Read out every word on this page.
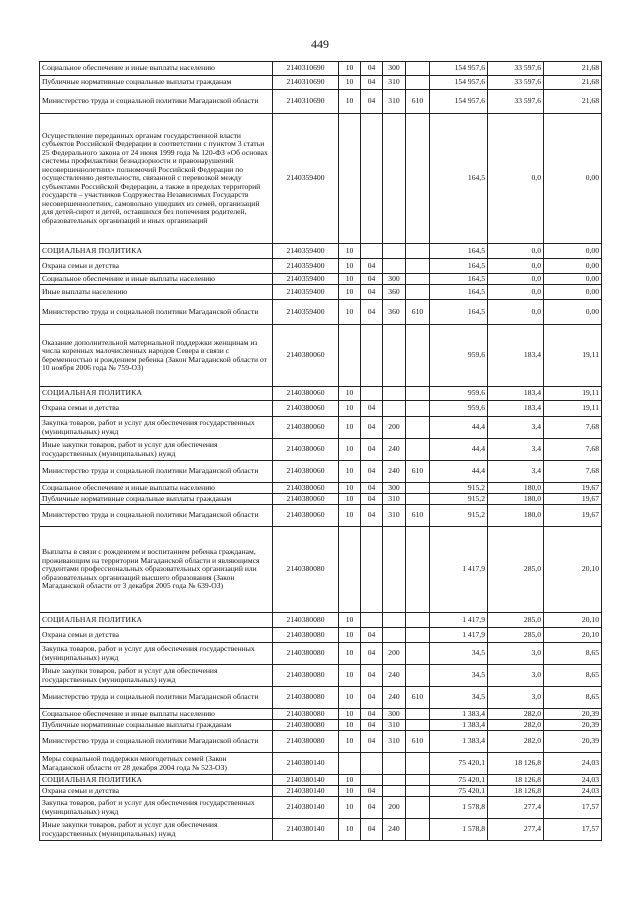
449
Социальное обеспечение и иные выплаты населению	2140310690	10	04	300		154 957,6	33 597,6	21,68
Публичные нормативные социальные выплаты гражданам	2140310690	10	04	310		154 957,6	33 597,6	21,68
Министерство труда и социальной политики Магаданской области	2140310690	10	04	310	610	154 957,6	33 597,6	21,68
Осуществление переданных органам государственной власти субъектов Российской Федерации в соответствии с пунктом 3 статьи 25 Федерального закона от 24 июня 1999 года № 120-ФЗ «Об основах системы профилактики безнадзорности и правонарушений несовершеннолетних» полномочий Российской Федерации по осуществлению деятельности, связанной с перевозкой между субъектами Российской Федерации, а также в пределах территорий государств – участников Содружества Независимых Государств несовершеннолетних, самовольно ушедших из семей, организаций для детей-сирот и детей, оставшихся без попечения родителей, образовательных организаций и иных организаций	2140359400					164,5	0,0	0,00
СОЦИАЛЬНАЯ ПОЛИТИКА	2140359400	10				164,5	0,0	0,00
Охрана семьи и детства	2140359400	10	04			164,5	0,0	0,00
Социальное обеспечение и иные выплаты населению	2140359400	10	04	300		164,5	0,0	0,00
Иные выплаты населению	2140359400	10	04	360		164,5	0,0	0,00
Министерство труда и социальной политики Магаданской области	2140359400	10	04	360	610	164,5	0,0	0,00
Оказание дополнительной материальной поддержки женщинам из числа коренных малочисленных народов Севера в связи с беременностью и рождением ребенка (Закон Магаданской области от 10 ноября 2006 года № 759-ОЗ)	2140380060					959,6	183,4	19,11
СОЦИАЛЬНАЯ ПОЛИТИКА	2140380060	10				959,6	183,4	19,11
Охрана семьи и детства	2140380060	10	04			959,6	183,4	19,11
Закупка товаров, работ и услуг для обеспечения государственных (муниципальных) нужд	2140380060	10	04	200		44,4	3,4	7,68
Иные закупки товаров, работ и услуг для обеспечения государственных (муниципальных) нужд	2140380060	10	04	240		44,4	3,4	7,68
Министерство труда и социальной политики Магаданской области	2140380060	10	04	240	610	44,4	3,4	7,68
Социальное обеспечение и иные выплаты населению	2140380060	10	04	300		915,2	180,0	19,67
Публичные нормативные социальные выплаты гражданам	2140380060	10	04	310		915,2	180,0	19,67
Министерство труда и социальной политики Магаданской области	2140380060	10	04	310	610	915,2	180,0	19,67
Выплаты в связи с рождением и воспитанием ребенка гражданам, проживающим на территории Магаданской области и являющимся студентами профессиональных образовательных организаций или образовательных организаций высшего образования (Закон Магаданской области от 3 декабря 2005 года № 639-ОЗ)	2140380080					1 417,9	285,0	20,10
СОЦИАЛЬНАЯ ПОЛИТИКА	2140380080	10				1 417,9	285,0	20,10
Охрана семьи и детства	2140380080	10	04			1 417,9	285,0	20,10
Закупка товаров, работ и услуг для обеспечения государственных (муниципальных) нужд	2140380080	10	04	200		34,5	3,0	8,65
Иные закупки товаров, работ и услуг для обеспечения государственных (муниципальных) нужд	2140380080	10	04	240		34,5	3,0	8,65
Министерство труда и социальной политики Магаданской области	2140380080	10	04	240	610	34,5	3,0	8,65
Социальное обеспечение и иные выплаты населению	2140380080	10	04	300		1 383,4	282,0	20,39
Публичные нормативные социальные выплаты гражданам	2140380080	10	04	310		1 383,4	282,0	20,39
Министерство труда и социальной политики Магаданской области	2140380080	10	04	310	610	1 383,4	282,0	20,39
Меры социальной поддержки многодетных семей (Закон Магаданской области от 28 декабря 2004 года № 523-ОЗ)	2140380140					75 420,1	18 126,8	24,03
СОЦИАЛЬНАЯ ПОЛИТИКА	2140380140	10				75 420,1	18 126,8	24,03
Охрана семьи и детства	2140380140	10	04			75 420,1	18 126,8	24,03
Закупка товаров, работ и услуг для обеспечения государственных (муниципальных) нужд	2140380140	10	04	200		1 578,8	277,4	17,57
Иные закупки товаров, работ и услуг для обеспечения государственных (муниципальных) нужд	2140380140	10	04	240		1 578,8	277,4	17,57
